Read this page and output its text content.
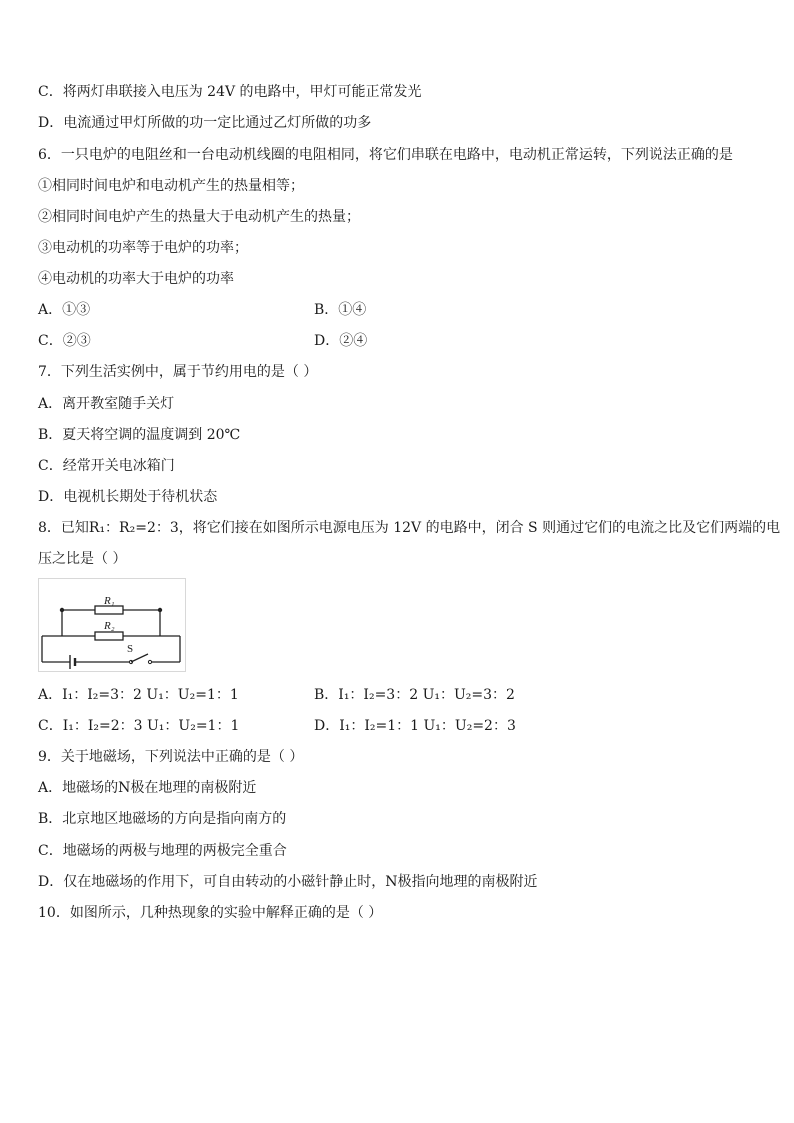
C．将两灯串联接入电压为 24V 的电路中，甲灯可能正常发光
D．电流通过甲灯所做的功一定比通过乙灯所做的功多
6．一只电炉的电阻丝和一台电动机线圈的电阻相同，将它们串联在电路中，电动机正常运转，下列说法正确的是
①相同时间电炉和电动机产生的热量相等；
②相同时间电炉产生的热量大于电动机产生的热量；
③电动机的功率等于电炉的功率；
④电动机的功率大于电炉的功率
A．①③	B．①④
C．②③	D．②④
7．下列生活实例中，属于节约用电的是（ ）
A．离开教室随手关灯
B．夏天将空调的温度调到 20℃
C．经常开关电冰箱门
D．电视机长期处于待机状态
8．已知R₁：R₂=2：3，将它们接在如图所示电源电压为 12V 的电路中，闭合 S 则通过它们的电流之比及它们两端的电
压之比是（ ）
R₁
R₂
S
A．I₁：I₂=3：2 U₁：U₂=1：1	B．I₁：I₂=3：2 U₁：U₂=3：2
C．I₁：I₂=2：3 U₁：U₂=1：1	D．I₁：I₂=1：1 U₁：U₂=2：3
9．关于地磁场，下列说法中正确的是（ ）
A．地磁场的N极在地理的南极附近
B．北京地区地磁场的方向是指向南方的
C．地磁场的两极与地理的两极完全重合
D．仅在地磁场的作用下，可自由转动的小磁针静止时，N极指向地理的南极附近
10．如图所示，几种热现象的实验中解释正确的是（ ）
